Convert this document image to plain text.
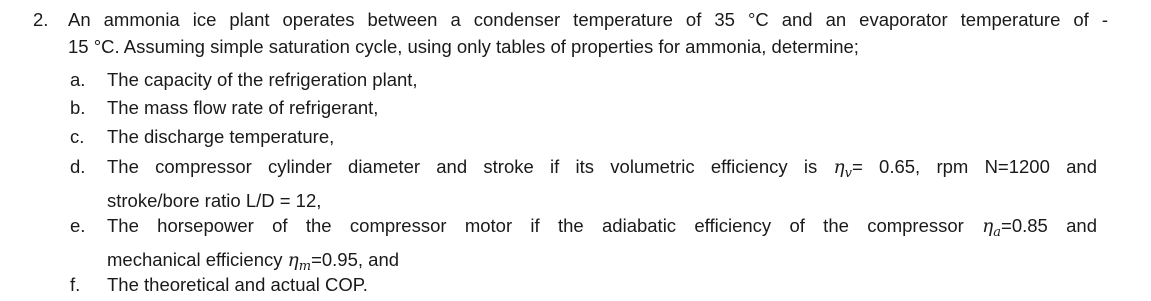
2. An ammonia ice plant operates between a condenser temperature of 35 °C and an evaporator temperature of -
15 °C. Assuming simple saturation cycle, using only tables of properties for ammonia, determine;
a. The capacity of the refrigeration plant,
b. The mass flow rate of refrigerant,
c. The discharge temperature,
d. The compressor cylinder diameter and stroke if its volumetric efficiency is $\eta_v= 0.65$, rpm N=1200 and
stroke/bore ratio L/D = 12,
e. The horsepower of the compressor motor if the adiabatic efficiency of the compressor $\eta_a=0.85$ and
mechanical efficiency $\eta_m=0.95$, and
f. The theoretical and actual COP.
